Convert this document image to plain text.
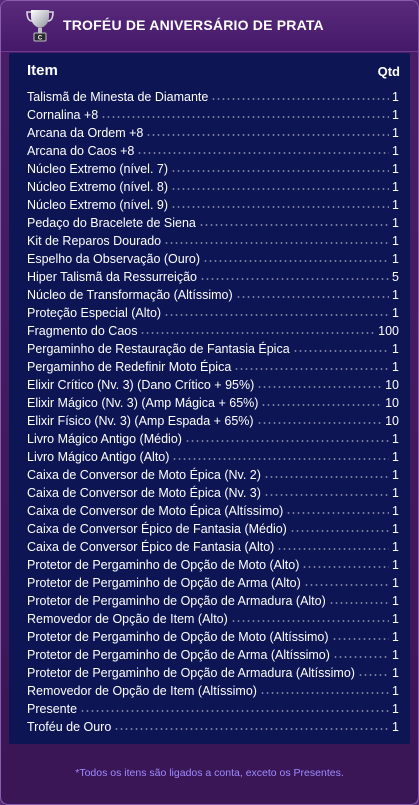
C
TROFÉU DE ANIVERSÁRIO DE PRATA
Item	Qtd
Talismã de Minesta de Diamante	1
Cornalina +8	1
Arcana da Ordem +8	1
Arcana do Caos +8	1
Núcleo Extremo (nível. 7)	1
Núcleo Extremo (nível. 8)	1
Núcleo Extremo (nível. 9)	1
Pedaço do Bracelete de Siena	1
Kit de Reparos Dourado	1
Espelho da Observação (Ouro)	1
Hiper Talismã da Ressurreição	5
Núcleo de Transformação (Altíssimo)	1
Proteção Especial (Alto)	1
Fragmento do Caos	100
Pergaminho de Restauração de Fantasia Épica	1
Pergaminho de Redefinir Moto Épica	1
Elixir Crítico (Nv. 3) (Dano Crítico + 95%)	10
Elixir Mágico (Nv. 3) (Amp Mágica + 65%)	10
Elixir Físico (Nv. 3) (Amp Espada + 65%)	10
Livro Mágico Antigo (Médio)	1
Livro Mágico Antigo (Alto)	1
Caixa de Conversor de Moto Épica (Nv. 2)	1
Caixa de Conversor de Moto Épica (Nv. 3)	1
Caixa de Conversor de Moto Épica (Altíssimo)	1
Caixa de Conversor Épico de Fantasia (Médio)	1
Caixa de Conversor Épico de Fantasia (Alto)	1
Protetor de Pergaminho de Opção de Moto (Alto)	1
Protetor de Pergaminho de Opção de Arma (Alto)	1
Protetor de Pergaminho de Opção de Armadura (Alto)	1
Removedor de Opção de Item (Alto)	1
Protetor de Pergaminho de Opção de Moto (Altíssimo)	1
Protetor de Pergaminho de Opção de Arma (Altíssimo)	1
Protetor de Pergaminho de Opção de Armadura (Altíssimo)	1
Removedor de Opção de Item (Altíssimo)	1
Presente	1
Troféu de Ouro	1
*Todos os itens são ligados a conta, exceto os Presentes.
